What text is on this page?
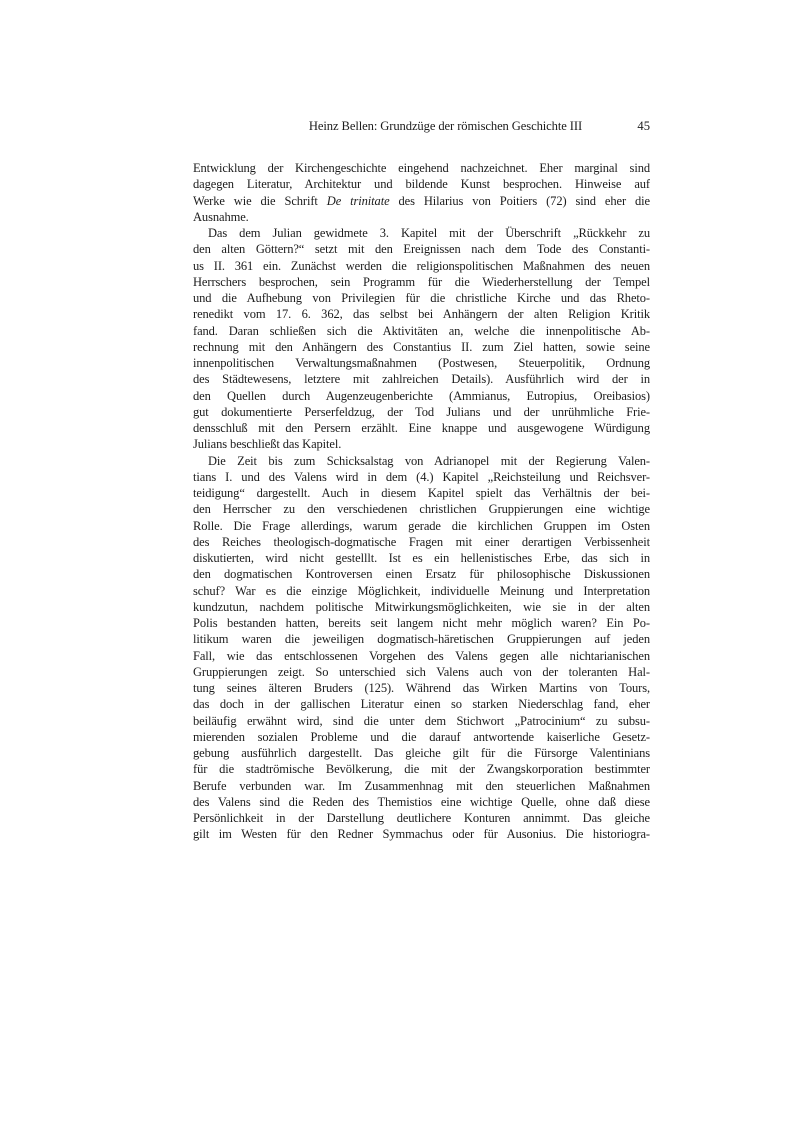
Heinz Bellen: Grundzüge der römischen Geschichte III	45
Entwicklung der Kirchengeschichte eingehend nachzeichnet. Eher marginal sind
dagegen Literatur, Architektur und bildende Kunst besprochen. Hinweise auf
Werke wie die Schrift De trinitate des Hilarius von Poitiers (72) sind eher die
Ausnahme.
Das dem Julian gewidmete 3. Kapitel mit der Überschrift „Rückkehr zu
den alten Göttern?“ setzt mit den Ereignissen nach dem Tode des Constanti-
us II. 361 ein. Zunächst werden die religionspolitischen Maßnahmen des neuen
Herrschers besprochen, sein Programm für die Wiederherstellung der Tempel
und die Aufhebung von Privilegien für die christliche Kirche und das Rheto-
renedikt vom 17. 6. 362, das selbst bei Anhängern der alten Religion Kritik
fand. Daran schließen sich die Aktivitäten an, welche die innenpolitische Ab-
rechnung mit den Anhängern des Constantius II. zum Ziel hatten, sowie seine
innenpolitischen Verwaltungsmaßnahmen (Postwesen, Steuerpolitik, Ordnung
des Städtewesens, letztere mit zahlreichen Details). Ausführlich wird der in
den Quellen durch Augenzeugenberichte (Ammianus, Eutropius, Oreibasios)
gut dokumentierte Perserfeldzug, der Tod Julians und der unrühmliche Frie-
densschluß mit den Persern erzählt. Eine knappe und ausgewogene Würdigung
Julians beschließt das Kapitel.
Die Zeit bis zum Schicksalstag von Adrianopel mit der Regierung Valen-
tians I. und des Valens wird in dem (4.) Kapitel „Reichsteilung und Reichsver-
teidigung“ dargestellt. Auch in diesem Kapitel spielt das Verhältnis der bei-
den Herrscher zu den verschiedenen christlichen Gruppierungen eine wichtige
Rolle. Die Frage allerdings, warum gerade die kirchlichen Gruppen im Osten
des Reiches theologisch-dogmatische Fragen mit einer derartigen Verbissenheit
diskutierten, wird nicht gestelllt. Ist es ein hellenistisches Erbe, das sich in
den dogmatischen Kontroversen einen Ersatz für philosophische Diskussionen
schuf? War es die einzige Möglichkeit, individuelle Meinung und Interpretation
kundzutun, nachdem politische Mitwirkungsmöglichkeiten, wie sie in der alten
Polis bestanden hatten, bereits seit langem nicht mehr möglich waren? Ein Po-
litikum waren die jeweiligen dogmatisch-häretischen Gruppierungen auf jeden
Fall, wie das entschlossenen Vorgehen des Valens gegen alle nichtarianischen
Gruppierungen zeigt. So unterschied sich Valens auch von der toleranten Hal-
tung seines älteren Bruders (125). Während das Wirken Martins von Tours,
das doch in der gallischen Literatur einen so starken Niederschlag fand, eher
beiläufig erwähnt wird, sind die unter dem Stichwort „Patrocinium“ zu subsu-
mierenden sozialen Probleme und die darauf antwortende kaiserliche Gesetz-
gebung ausführlich dargestellt. Das gleiche gilt für die Fürsorge Valentinians
für die stadtrömische Bevölkerung, die mit der Zwangskorporation bestimmter
Berufe verbunden war. Im Zusammenhnag mit den steuerlichen Maßnahmen
des Valens sind die Reden des Themistios eine wichtige Quelle, ohne daß diese
Persönlichkeit in der Darstellung deutlichere Konturen annimmt. Das gleiche
gilt im Westen für den Redner Symmachus oder für Ausonius. Die historiogra-
